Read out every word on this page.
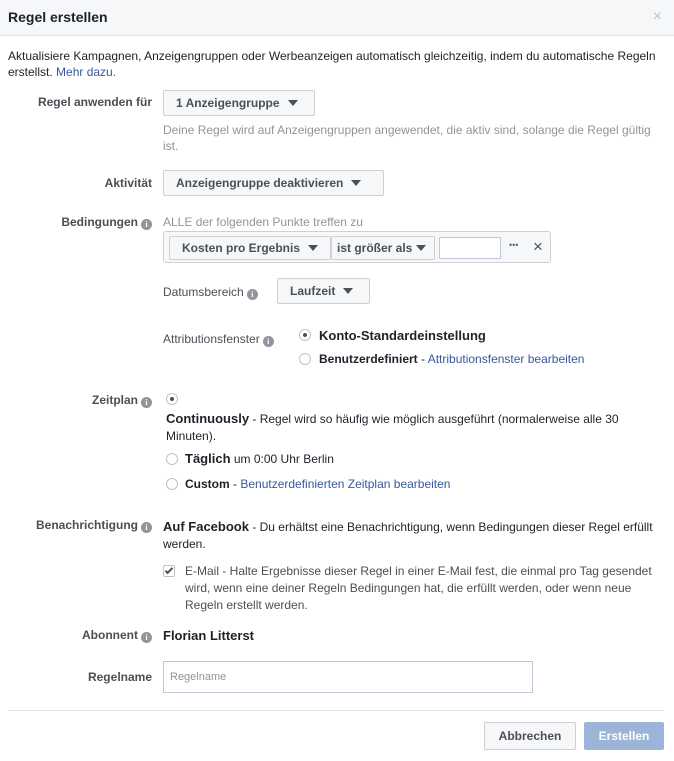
Regel erstellen	×
Aktualisiere Kampagnen, Anzeigengruppen oder Werbeanzeigen automatisch gleichzeitig, indem du automatische Regeln erstellst. Mehr dazu.
Regel anwenden für 1 Anzeigengruppe
Deine Regel wird auf Anzeigengruppen angewendet, die aktiv sind, solange die Regel gültig ist.
Aktivität Anzeigengruppe deaktivieren
Bedingungen i	ALLE der folgenden Punkte treffen zu
Kosten pro Ergebnis	ist größer als	••• ×
Datumsbereich i	Laufzeit
Attributionsfenster i	Konto-Standardeinstellung
Benutzerdefiniert - Attributionsfenster bearbeiten
Zeitplan i
Continuously - Regel wird so häufig wie möglich ausgeführt (normalerweise alle 30 Minuten).
Täglich um 0:00 Uhr Berlin
Custom - Benutzerdefinierten Zeitplan bearbeiten
Benachrichtigung i	Auf Facebook - Du erhältst eine Benachrichtigung, wenn Bedingungen dieser Regel erfüllt werden.
E-Mail - Halte Ergebnisse dieser Regel in einer E-Mail fest, die einmal pro Tag gesendet wird, wenn eine deiner Regeln Bedingungen hat, die erfüllt werden, oder wenn neue Regeln erstellt werden.
Abonnent i	Florian Litterst
Regelname
Regelname
Abbrechen	Erstellen
